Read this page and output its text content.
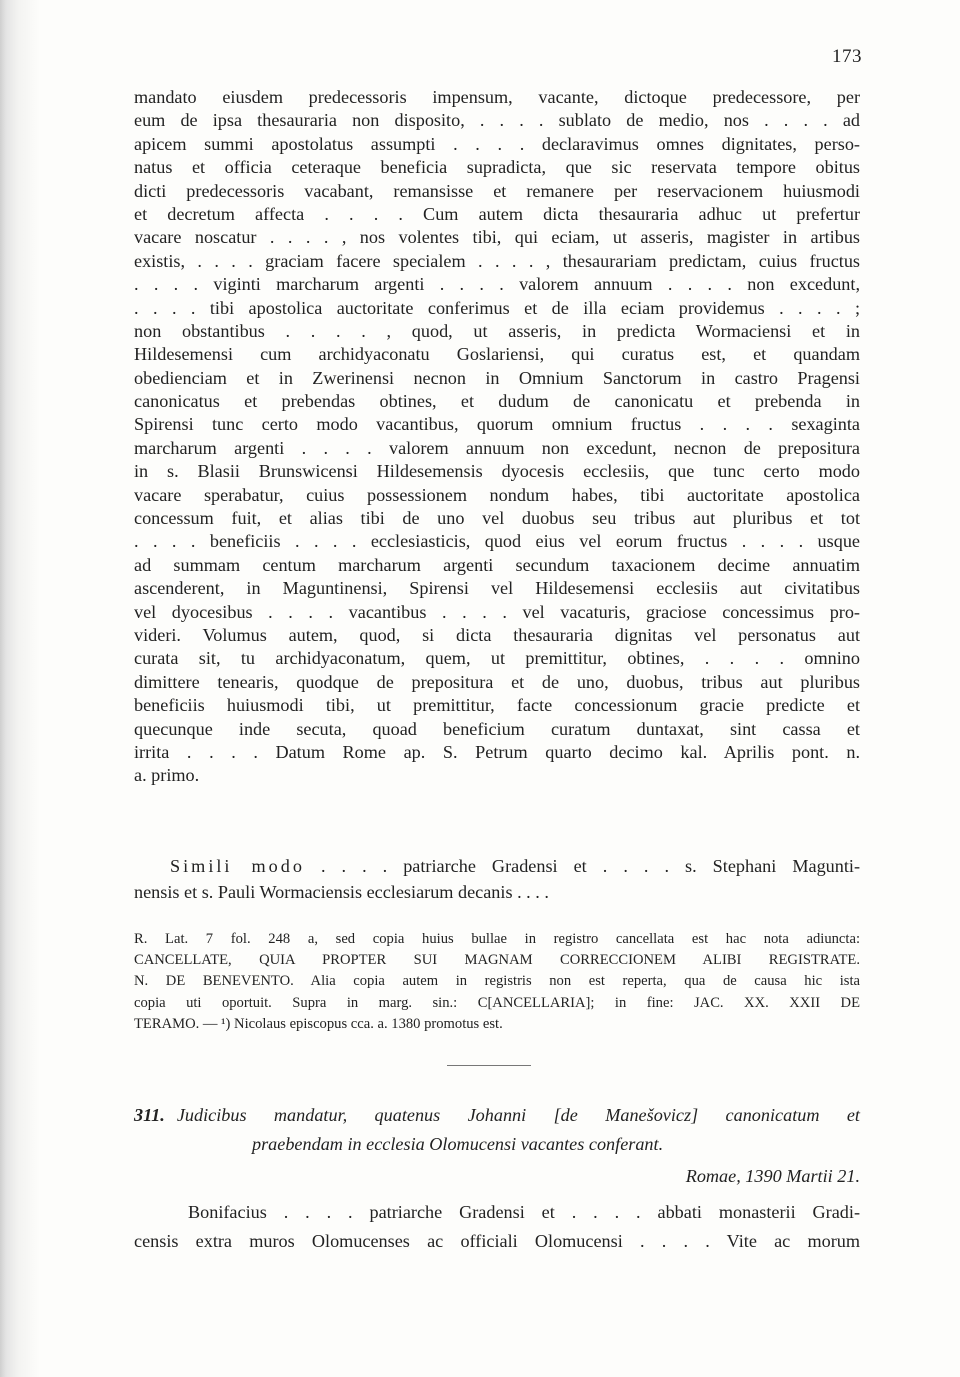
173
mandato eiusdem predecessoris impensum, vacante, dictoque predecessore, per
eum de ipsa thesauraria non disposito, . . . . sublato de medio, nos . . . . ad
apicem summi apostolatus assumpti . . . . declaravimus omnes dignitates, perso-
natus et officia ceteraque beneficia supradicta, que sic reservata tempore obitus
dicti predecessoris vacabant, remansisse et remanere per reservacionem huiusmodi
et decretum affecta . . . . Cum autem dicta thesauraria adhuc ut prefertur
vacare noscatur . . . . , nos volentes tibi, qui eciam, ut asseris, magister in artibus
existis, . . . . graciam facere specialem . . . . , thesaurariam predictam, cuius fructus
. . . . viginti marcharum argenti . . . . valorem annuum . . . . non excedunt,
. . . . tibi apostolica auctoritate conferimus et de illa eciam providemus . . . . ;
non obstantibus . . . . , quod, ut asseris, in predicta Wormaciensi et in
Hildesemensi cum archidyaconatu Goslariensi, qui curatus est, et quandam
obedienciam et in Zwerinensi necnon in Omnium Sanctorum in castro Pragensi
canonicatus et prebendas obtines, et dudum de canonicatu et prebenda in
Spirensi tunc certo modo vacantibus, quorum omnium fructus . . . . sexaginta
marcharum argenti . . . . valorem annuum non excedunt, necnon de prepositura
in s. Blasii Brunswicensi Hildesemensis dyocesis ecclesiis, que tunc certo modo
vacare sperabatur, cuius possessionem nondum habes, tibi auctoritate apostolica
concessum fuit, et alias tibi de uno vel duobus seu tribus aut pluribus et tot
. . . . beneficiis . . . . ecclesiasticis, quod eius vel eorum fructus . . . . usque
ad summam centum marcharum argenti secundum taxacionem decime annuatim
ascenderent, in Maguntinensi, Spirensi vel Hildesemensi ecclesiis aut civitatibus
vel dyocesibus . . . . vacantibus . . . . vel vacaturis, graciose concessimus pro-
videri. Volumus autem, quod, si dicta thesauraria dignitas vel personatus aut
curata sit, tu archidyaconatum, quem, ut premittitur, obtines, . . . . omnino
dimittere tenearis, quodque de prepositura et de uno, duobus, tribus aut pluribus
beneficiis huiusmodi tibi, ut premittitur, facte concessionum gracie predicte et
quecunque inde secuta, quoad beneficium curatum duntaxat, sint cassa et
irrita . . . . Datum Rome ap. S. Petrum quarto decimo kal. Aprilis pont. n.
a. primo.
Simili modo . . . . patriarche Gradensi et . . . . s. Stephani Magunti-
nensis et s. Pauli Wormaciensis ecclesiarum decanis . . . .
R. Lat. 7 fol. 248 a, sed copia huius bullae in registro cancellata est hac nota adiuncta:
CANCELLATE, QUIA PROPTER SUI MAGNAM CORRECCIONEM ALIBI REGISTRATE.
N. DE BENEVENTO. Alia copia autem in registris non est reperta, qua de causa hic ista
copia uti oportuit. Supra in marg. sin.: C[ANCELLARIA]; in fine: JAC. XX. XXII DE
TERAMO. — ¹) Nicolaus episcopus cca. a. 1380 promotus est.
311. Judicibus mandatur, quatenus Johanni [de Manešovicz] canonicatum et
praebendam in ecclesia Olomucensi vacantes conferant.
Romae, 1390 Martii 21.
Bonifacius . . . . patriarche Gradensi et . . . . abbati monasterii Gradi-
censis extra muros Olomucenses ac officiali Olomucensi . . . . Vite ac morum
